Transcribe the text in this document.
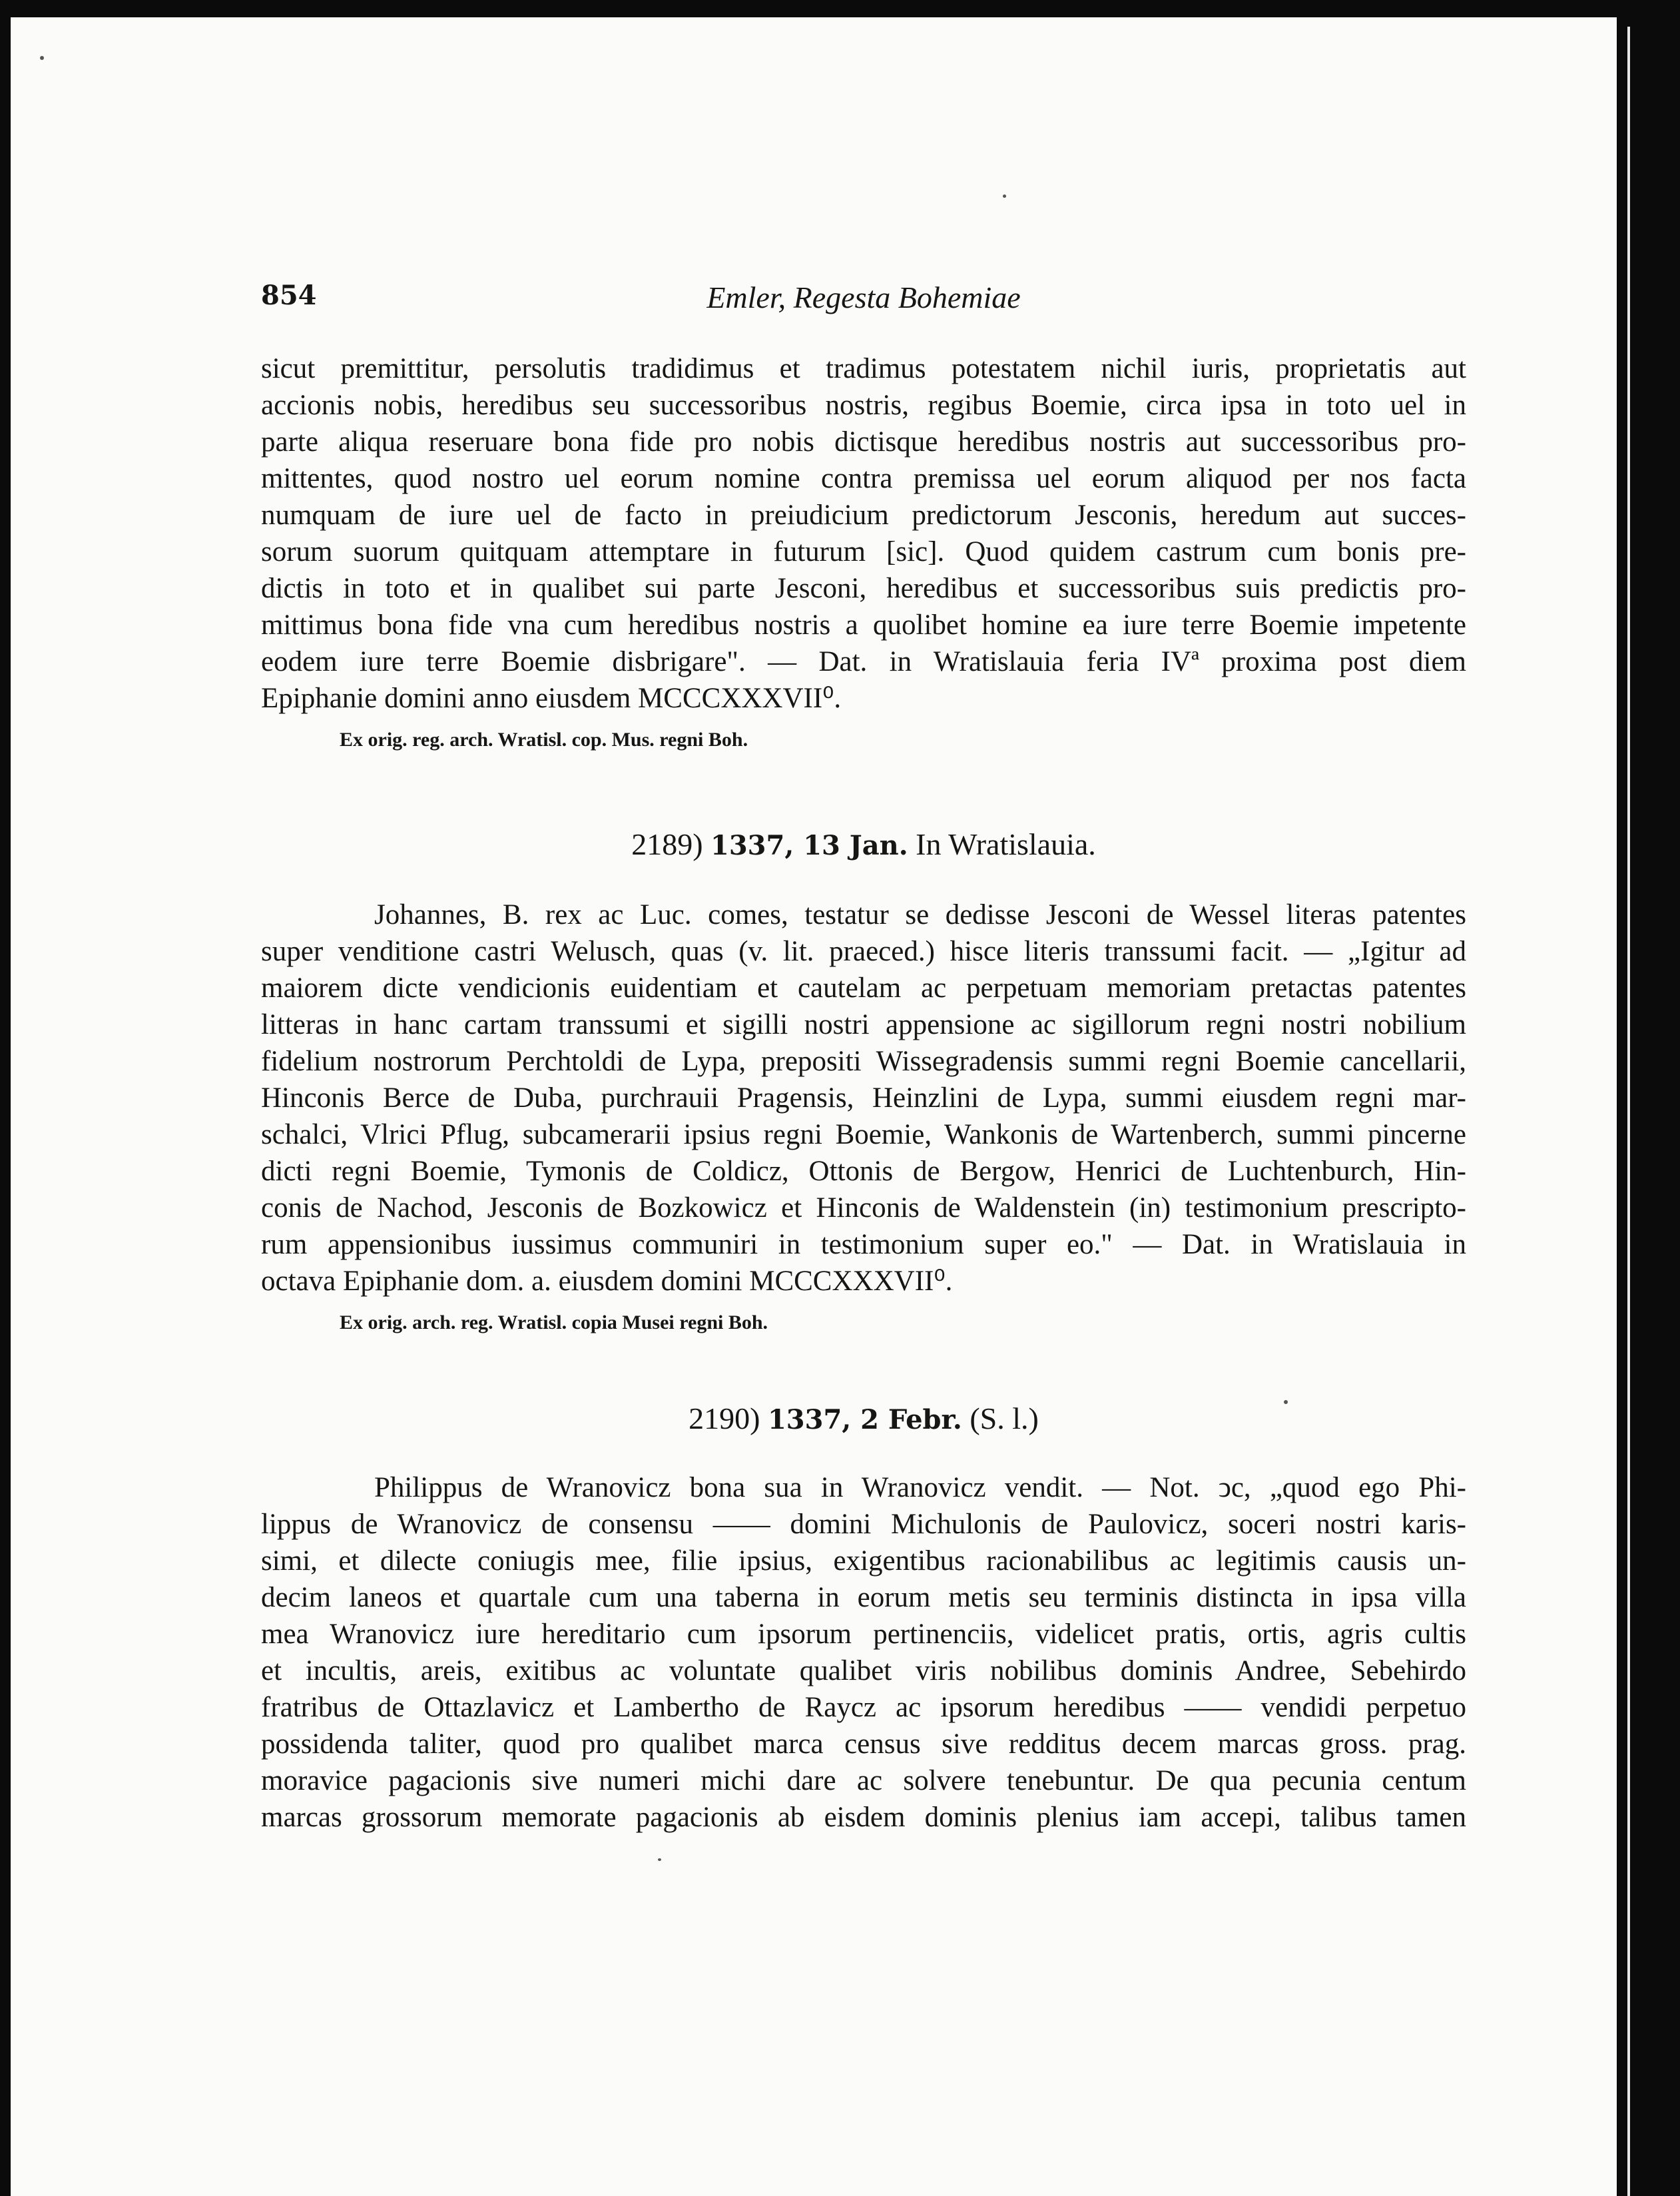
854	Emler, Regesta Bohemiae
sicut premittitur, persolutis tradidimus et tradimus potestatem nichil iuris, proprietatis aut
accionis nobis, heredibus seu successoribus nostris, regibus Boemie, circa ipsa in toto uel in
parte aliqua reseruare bona fide pro nobis dictisque heredibus nostris aut successoribus pro-
mittentes, quod nostro uel eorum nomine contra premissa uel eorum aliquod per nos facta
numquam de iure uel de facto in preiudicium predictorum Jesconis, heredum aut succes-
sorum suorum quitquam attemptare in futurum [sic]. Quod quidem castrum cum bonis pre-
dictis in toto et in qualibet sui parte Jesconi, heredibus et successoribus suis predictis pro-
mittimus bona fide vna cum heredibus nostris a quolibet homine ea iure terre Boemie impetente
eodem iure terre Boemie disbrigare". — Dat. in Wratislauia feria IVª proxima post diem
Epiphanie domini anno eiusdem MCCCXXXVII⁰.
Ex orig. reg. arch. Wratisl. cop. Mus. regni Boh.
2189) 1337, 13 Jan. In Wratislauia.
Johannes, B. rex ac Luc. comes, testatur se dedisse Jesconi de Wessel literas patentes
super venditione castri Welusch, quas (v. lit. praeced.) hisce literis transsumi facit. — „Igitur ad
maiorem dicte vendicionis euidentiam et cautelam ac perpetuam memoriam pretactas patentes
litteras in hanc cartam transsumi et sigilli nostri appensione ac sigillorum regni nostri nobilium
fidelium nostrorum Perchtoldi de Lypa, prepositi Wissegradensis summi regni Boemie cancellarii,
Hinconis Berce de Duba, purchrauii Pragensis, Heinzlini de Lypa, summi eiusdem regni mar-
schalci, Vlrici Pflug, subcamerarii ipsius regni Boemie, Wankonis de Wartenberch, summi pincerne
dicti regni Boemie, Tymonis de Coldicz, Ottonis de Bergow, Henrici de Luchtenburch, Hin-
conis de Nachod, Jesconis de Bozkowicz et Hinconis de Waldenstein (in) testimonium prescripto-
rum appensionibus iussimus communiri in testimonium super eo." — Dat. in Wratislauia in
octava Epiphanie dom. a. eiusdem domini MCCCXXXVII⁰.
Ex orig. arch. reg. Wratisl. copia Musei regni Boh.
2190) 1337, 2 Febr. (S. l.)
Philippus de Wranovicz bona sua in Wranovicz vendit. — Not. ↄc, „quod ego Phi-
lippus de Wranovicz de consensu —— domini Michulonis de Paulovicz, soceri nostri karis-
simi, et dilecte coniugis mee, filie ipsius, exigentibus racionabilibus ac legitimis causis un-
decim laneos et quartale cum una taberna in eorum metis seu terminis distincta in ipsa villa
mea Wranovicz iure hereditario cum ipsorum pertinenciis, videlicet pratis, ortis, agris cultis
et incultis, areis, exitibus ac voluntate qualibet viris nobilibus dominis Andree, Sebehirdo
fratribus de Ottazlavicz et Lambertho de Raycz ac ipsorum heredibus —— vendidi perpetuo
possidenda taliter, quod pro qualibet marca census sive redditus decem marcas gross. prag.
moravice pagacionis sive numeri michi dare ac solvere tenebuntur. De qua pecunia centum
marcas grossorum memorate pagacionis ab eisdem dominis plenius iam accepi, talibus tamen
